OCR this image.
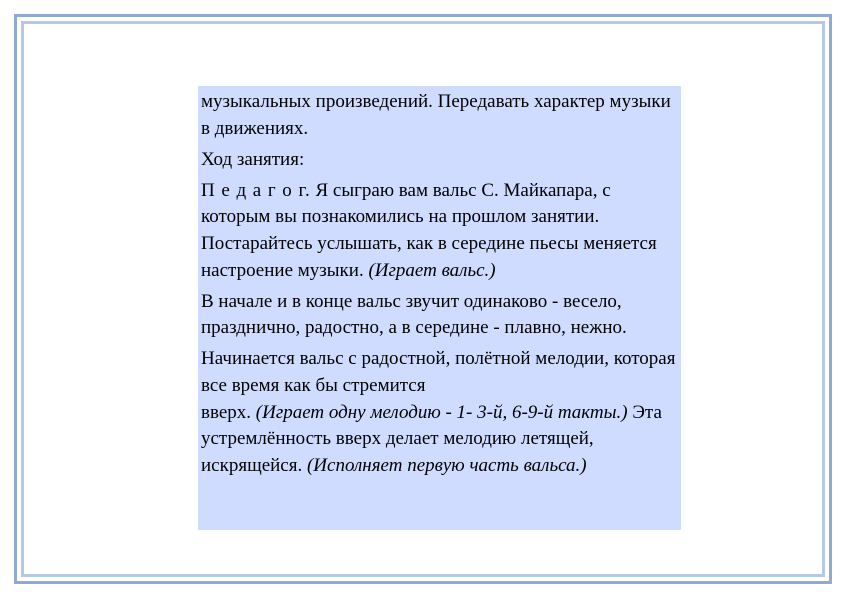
музыкальных произведений. Передавать характер музыки в движениях.

Ход занятия:

П е д а г о г. Я сыграю вам вальс С. Майкапара, с которым вы познакомились на прошлом занятии. Постарайтесь услышать, как в середине пьесы меняется настроение музыки. (Играет вальс.)

В начале и в конце вальс звучит одинаково - весело, празднично, радостно, а в середине - плавно, нежно.

Начинается вальс с радостной, полётной мелодии, которая все время как бы стремится
вверх. (Играет одну мелодию - 1- 3-й, 6-9-й такты.) Эта устремлённость вверх делает мелодию летящей, искрящейся. (Исполняет первую часть вальса.)
